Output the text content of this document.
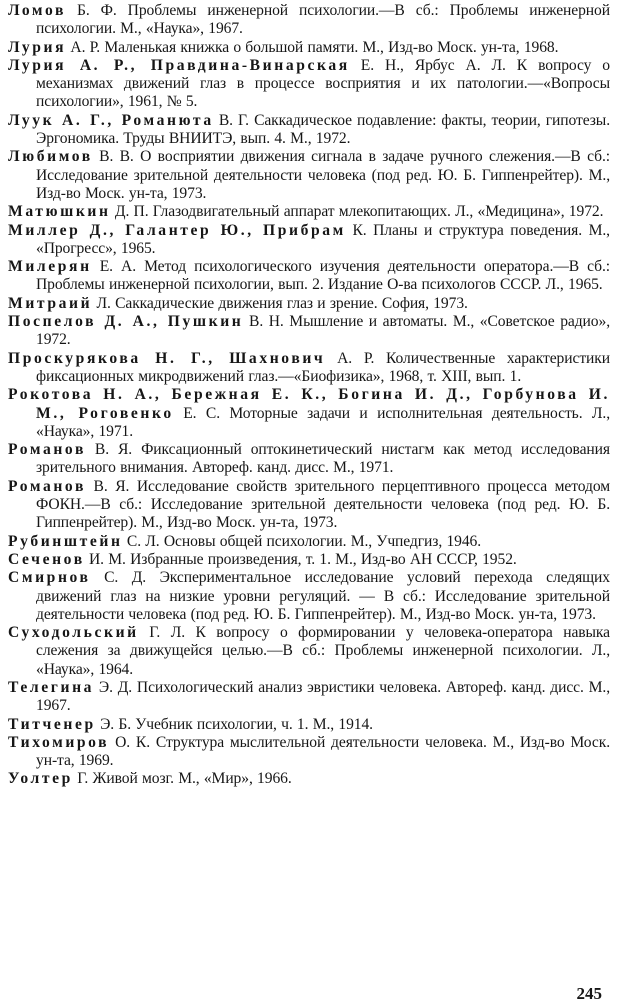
Ломов Б. Ф. Проблемы инженерной психологии.—В сб.: Проблемы инженерной психологии. М., «Наука», 1967.
Лурия А. Р. Маленькая книжка о большой памяти. М., Изд-во Моск. ун-та, 1968.
Лурия А. Р., Правдина-Винарская Е. Н., Ярбус А. Л. К вопросу о механизмах движений глаз в процессе восприятия и их патологии.—«Вопросы психологии», 1961, № 5.
Луук А. Г., Романюта В. Г. Саккадическое подавление: факты, теории, гипотезы. Эргономика. Труды ВНИИТЭ, вып. 4. М., 1972.
Любимов В. В. О восприятии движения сигнала в задаче ручного слежения.—В сб.: Исследование зрительной деятельности человека (под ред. Ю. Б. Гиппенрейтер). М., Изд-во Моск. ун-та, 1973.
Матюшкин Д. П. Глазодвигательный аппарат млекопитающих. Л., «Медицина», 1972.
Миллер Д., Галантер Ю., Прибрам К. Планы и структура поведения. М., «Прогресс», 1965.
Милерян Е. А. Метод психологического изучения деятельности оператора.—В сб.: Проблемы инженерной психологии, вып. 2. Издание О-ва психологов СССР. Л., 1965.
Митраий Л. Саккадические движения глаз и зрение. София, 1973.
Поспелов Д. А., Пушкин В. Н. Мышление и автоматы. М., «Советское радио», 1972.
Проскурякова Н. Г., Шахнович А. Р. Количественные характеристики фиксационных микродвижений глаз.—«Биофизика», 1968, т. XIII, вып. 1.
Рокотова Н. А., Бережная Е. К., Богина И. Д., Горбунова И. М., Роговенко Е. С. Моторные задачи и исполнительная деятельность. Л., «Наука», 1971.
Романов В. Я. Фиксационный оптокинетический нистагм как метод исследования зрительного внимания. Автореф. канд. дисс. М., 1971.
Романов В. Я. Исследование свойств зрительного перцептивного процесса методом ФОКН.—В сб.: Исследование зрительной деятельности человека (под ред. Ю. Б. Гиппенрейтер). М., Изд-во Моск. ун-та, 1973.
Рубинштейн С. Л. Основы общей психологии. М., Учпедгиз, 1946.
Сеченов И. М. Избранные произведения, т. 1. М., Изд-во АН СССР, 1952.
Смирнов С. Д. Экспериментальное исследование условий перехода следящих движений глаз на низкие уровни регуляций. — В сб.: Исследование зрительной деятельности человека (под ред. Ю. Б. Гиппенрейтер). М., Изд-во Моск. ун-та, 1973.
Суходольский Г. Л. К вопросу о формировании у человека-оператора навыка слежения за движущейся целью.—В сб.: Проблемы инженерной психологии. Л., «Наука», 1964.
Телегина Э. Д. Психологический анализ эвристики человека. Автореф. канд. дисс. М., 1967.
Титченер Э. Б. Учебник психологии, ч. 1. М., 1914.
Тихомиров О. К. Структура мыслительной деятельности человека. М., Изд-во Моск. ун-та, 1969.
Уолтер Г. Живой мозг. М., «Мир», 1966.
245
